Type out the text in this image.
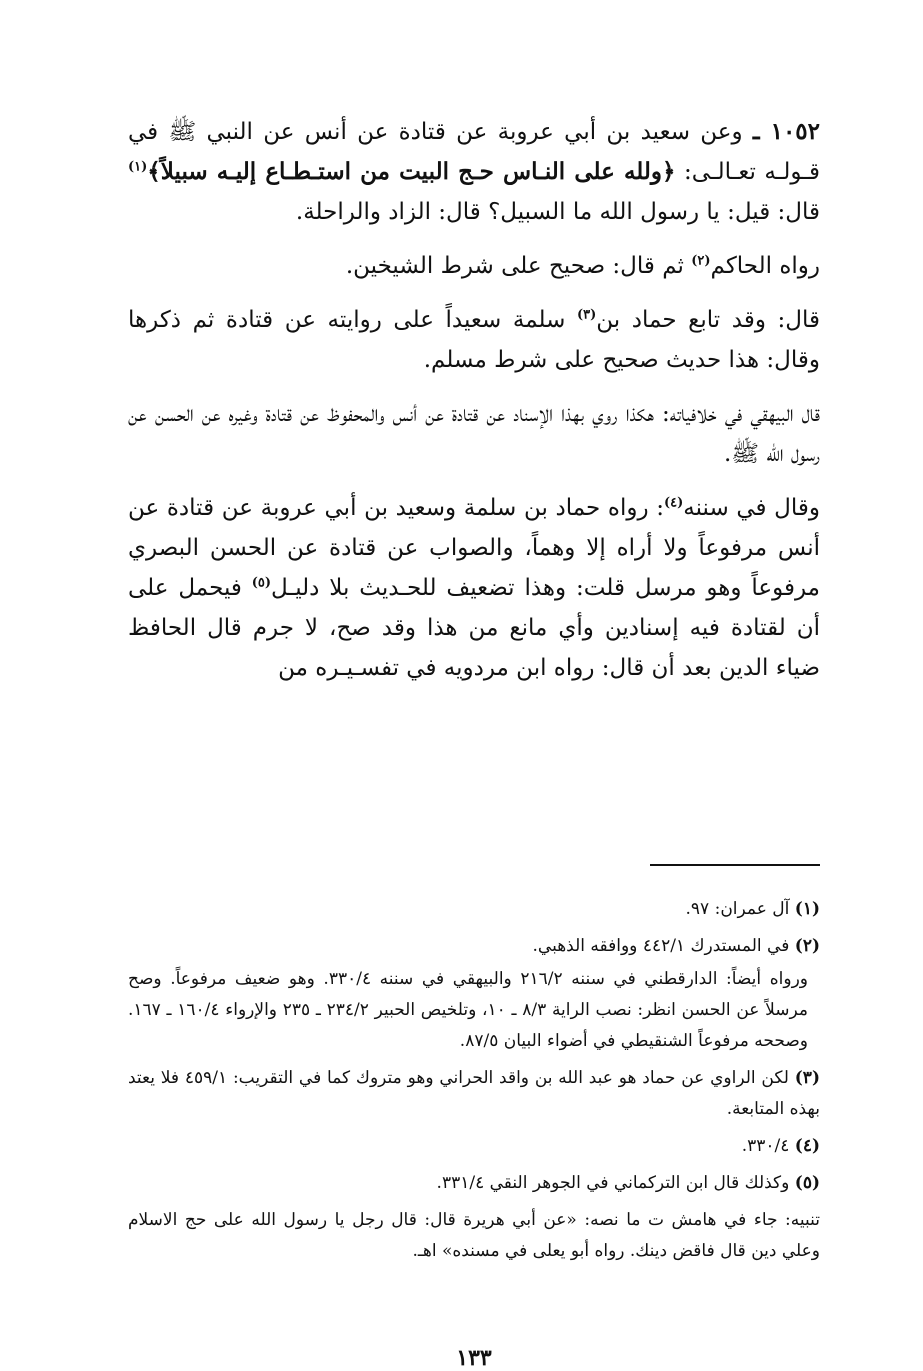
١٠٥٢ ـ وعن سعيد بن أبي عروبة عن قتادة عن أنس عن النبي ﷺ في قـولـه تعـالـى: ﴿ولله على النـاس حـج البيت من استـطـاع إليـه سبيلاً﴾$^{(١)}$ قال: قيل: يا رسول الله ما السبيل؟ قال: الزاد والراحلة.

رواه الحاكم$^{(٢)}$ ثم قال: صحيح على شرط الشيخين.

قال: وقد تابع حماد بن$^{(٣)}$ سلمة سعيداً على روايته عن قتادة ثم ذكرها وقال: هذا حديث صحيح على شرط مسلم.

قال البيهقي في خلافياته: هكذا روي بهذا الإسناد عن قتادة عن أنس والمحفوظ عن قتادة وغيره عن الحسن عن رسول الله ﷺ.

وقال في سننه$^{(٤)}$: رواه حماد بن سلمة وسعيد بن أبي عروبة عن قتادة عن أنس مرفوعاً ولا أراه إلا وهماً، والصواب عن قتادة عن الحسن البصري مرفوعاً وهو مرسل قلت: وهذا تضعيف للحـديث بلا دليـل$^{(٥)}$ فيحمل على أن لقتادة فيه إسنادين وأي مانع من هذا وقد صح، لا جرم قال الحافظ ضياء الدين بعد أن قال: رواه ابن مردويه في تفسـيـره من

(١) آل عمران: ٩٧.

(٢) في المستدرك ٤٤٢/١ ووافقه الذهبي.

ورواه أيضاً: الدارقطني في سننه ٢١٦/٢ والبيهقي في سننه ٣٣٠/٤. وهو ضعيف مرفوعاً. وصح مرسلاً عن الحسن انظر: نصب الراية ٨/٣ ـ ١٠، وتلخيص الحبير ٢٣٤/٢ ـ ٢٣٥ والإرواء ١٦٠/٤ ـ ١٦٧. وصححه مرفوعاً الشنقيطي في أضواء البيان ٨٧/٥.

(٣) لكن الراوي عن حماد هو عبد الله بن واقد الحراني وهو متروك كما في التقريب: ٤٥٩/١ فلا يعتد بهذه المتابعة.

(٤) ٣٣٠/٤.

(٥) وكذلك قال ابن التركماني في الجوهر النقي ٣٣١/٤.

تنبيه: جاء في هامش ت ما نصه: «عن أبي هريرة قال: قال رجل يا رسول الله على حج الاسلام وعلي دين قال فاقض دينك. رواه أبو يعلى في مسنده» اهـ.

١٣٣
